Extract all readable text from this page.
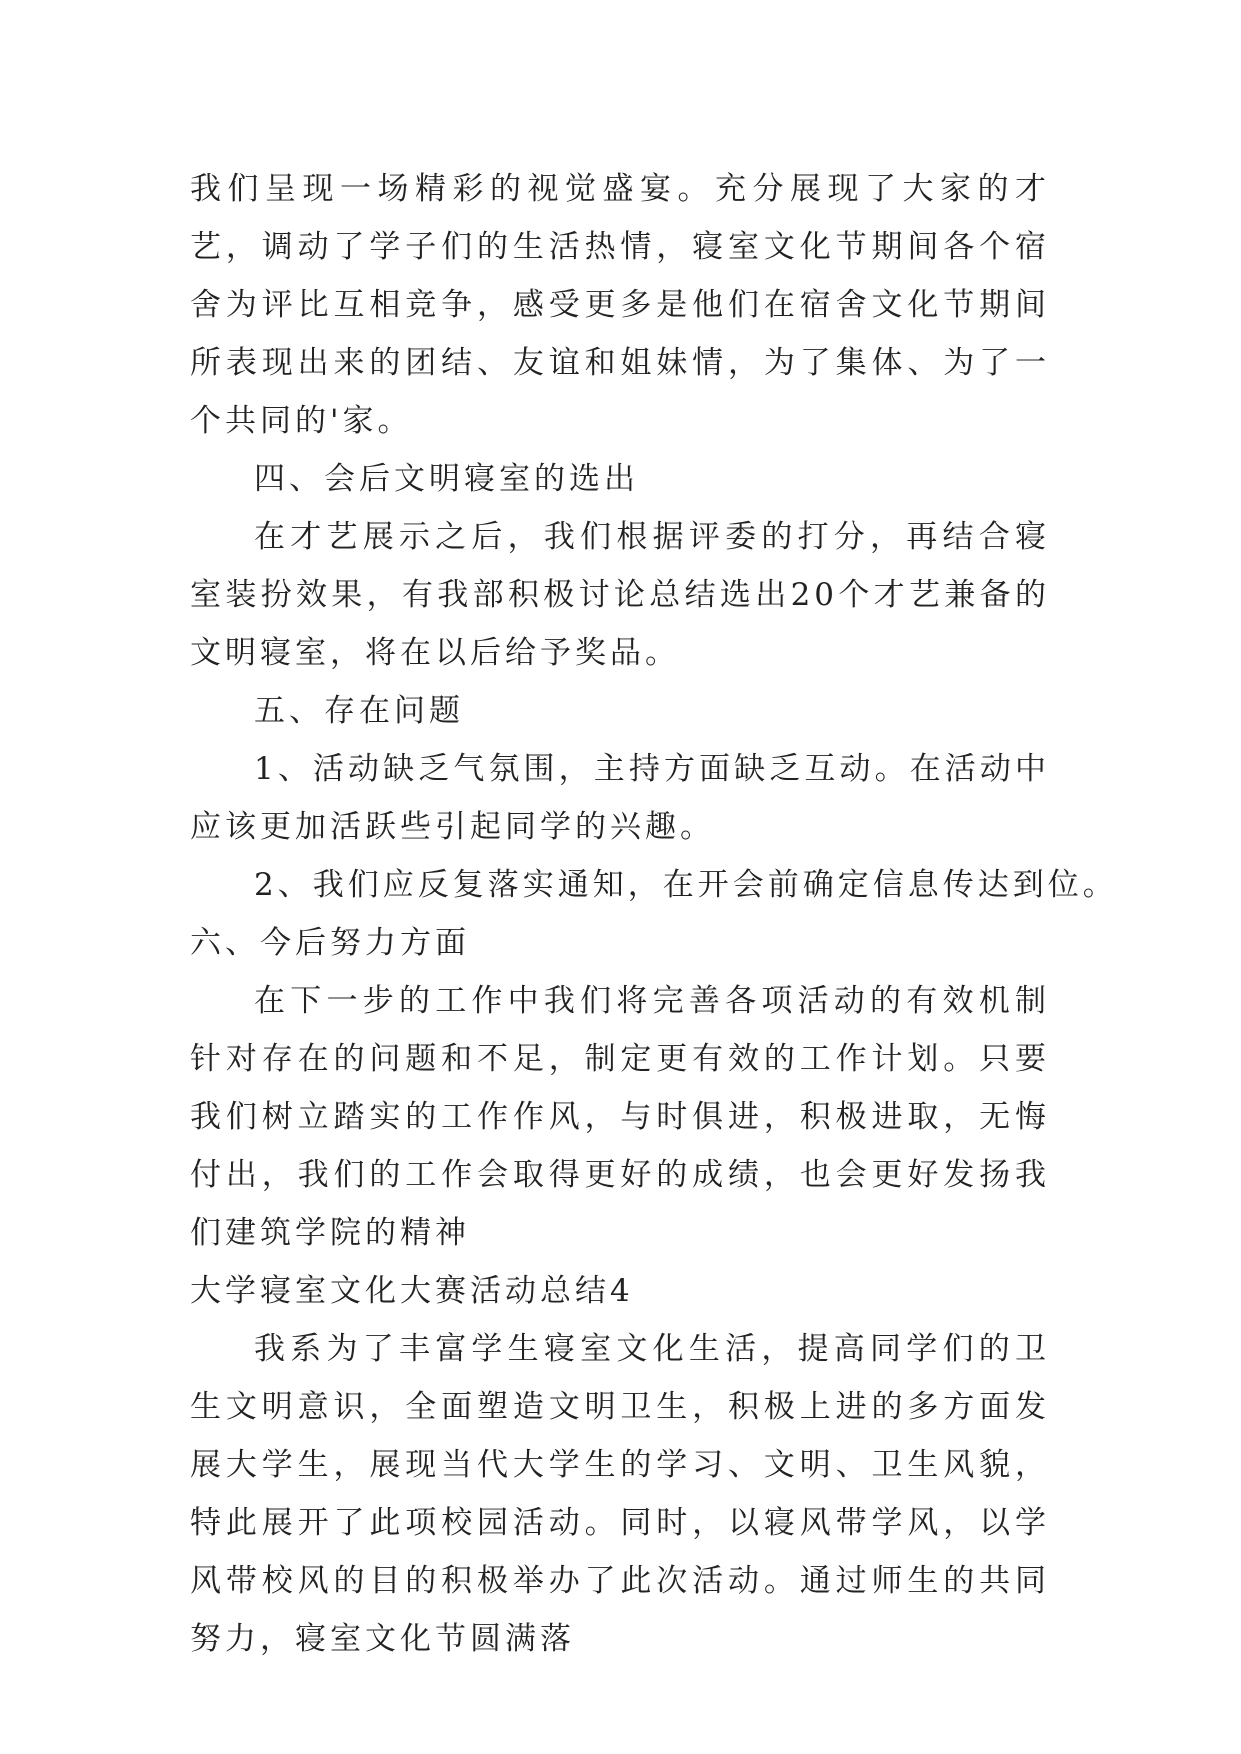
我们呈现一场精彩的视觉盛宴。充分展现了大家的才艺，调动了学子们的生活热情，寝室文化节期间各个宿舍为评比互相竞争，感受更多是他们在宿舍文化节期间所表现出来的团结、友谊和姐妹情，为了集体、为了一个共同的'家。

四、会后文明寝室的选出

在才艺展示之后，我们根据评委的打分，再结合寝室装扮效果，有我部积极讨论总结选出20个才艺兼备的文明寝室，将在以后给予奖品。

五、存在问题

1、活动缺乏气氛围，主持方面缺乏互动。在活动中应该更加活跃些引起同学的兴趣。

2、我们应反复落实通知，在开会前确定信息传达到位。

六、今后努力方面

在下一步的工作中我们将完善各项活动的有效机制针对存在的问题和不足，制定更有效的工作计划。只要我们树立踏实的工作作风，与时俱进，积极进取，无悔付出，我们的工作会取得更好的成绩，也会更好发扬我们建筑学院的精神

大学寝室文化大赛活动总结4

我系为了丰富学生寝室文化生活，提高同学们的卫生文明意识，全面塑造文明卫生，积极上进的多方面发展大学生，展现当代大学生的学习、文明、卫生风貌，特此展开了此项校园活动。同时，以寝风带学风，以学风带校风的目的积极举办了此次活动。通过师生的共同努力，寝室文化节圆满落
